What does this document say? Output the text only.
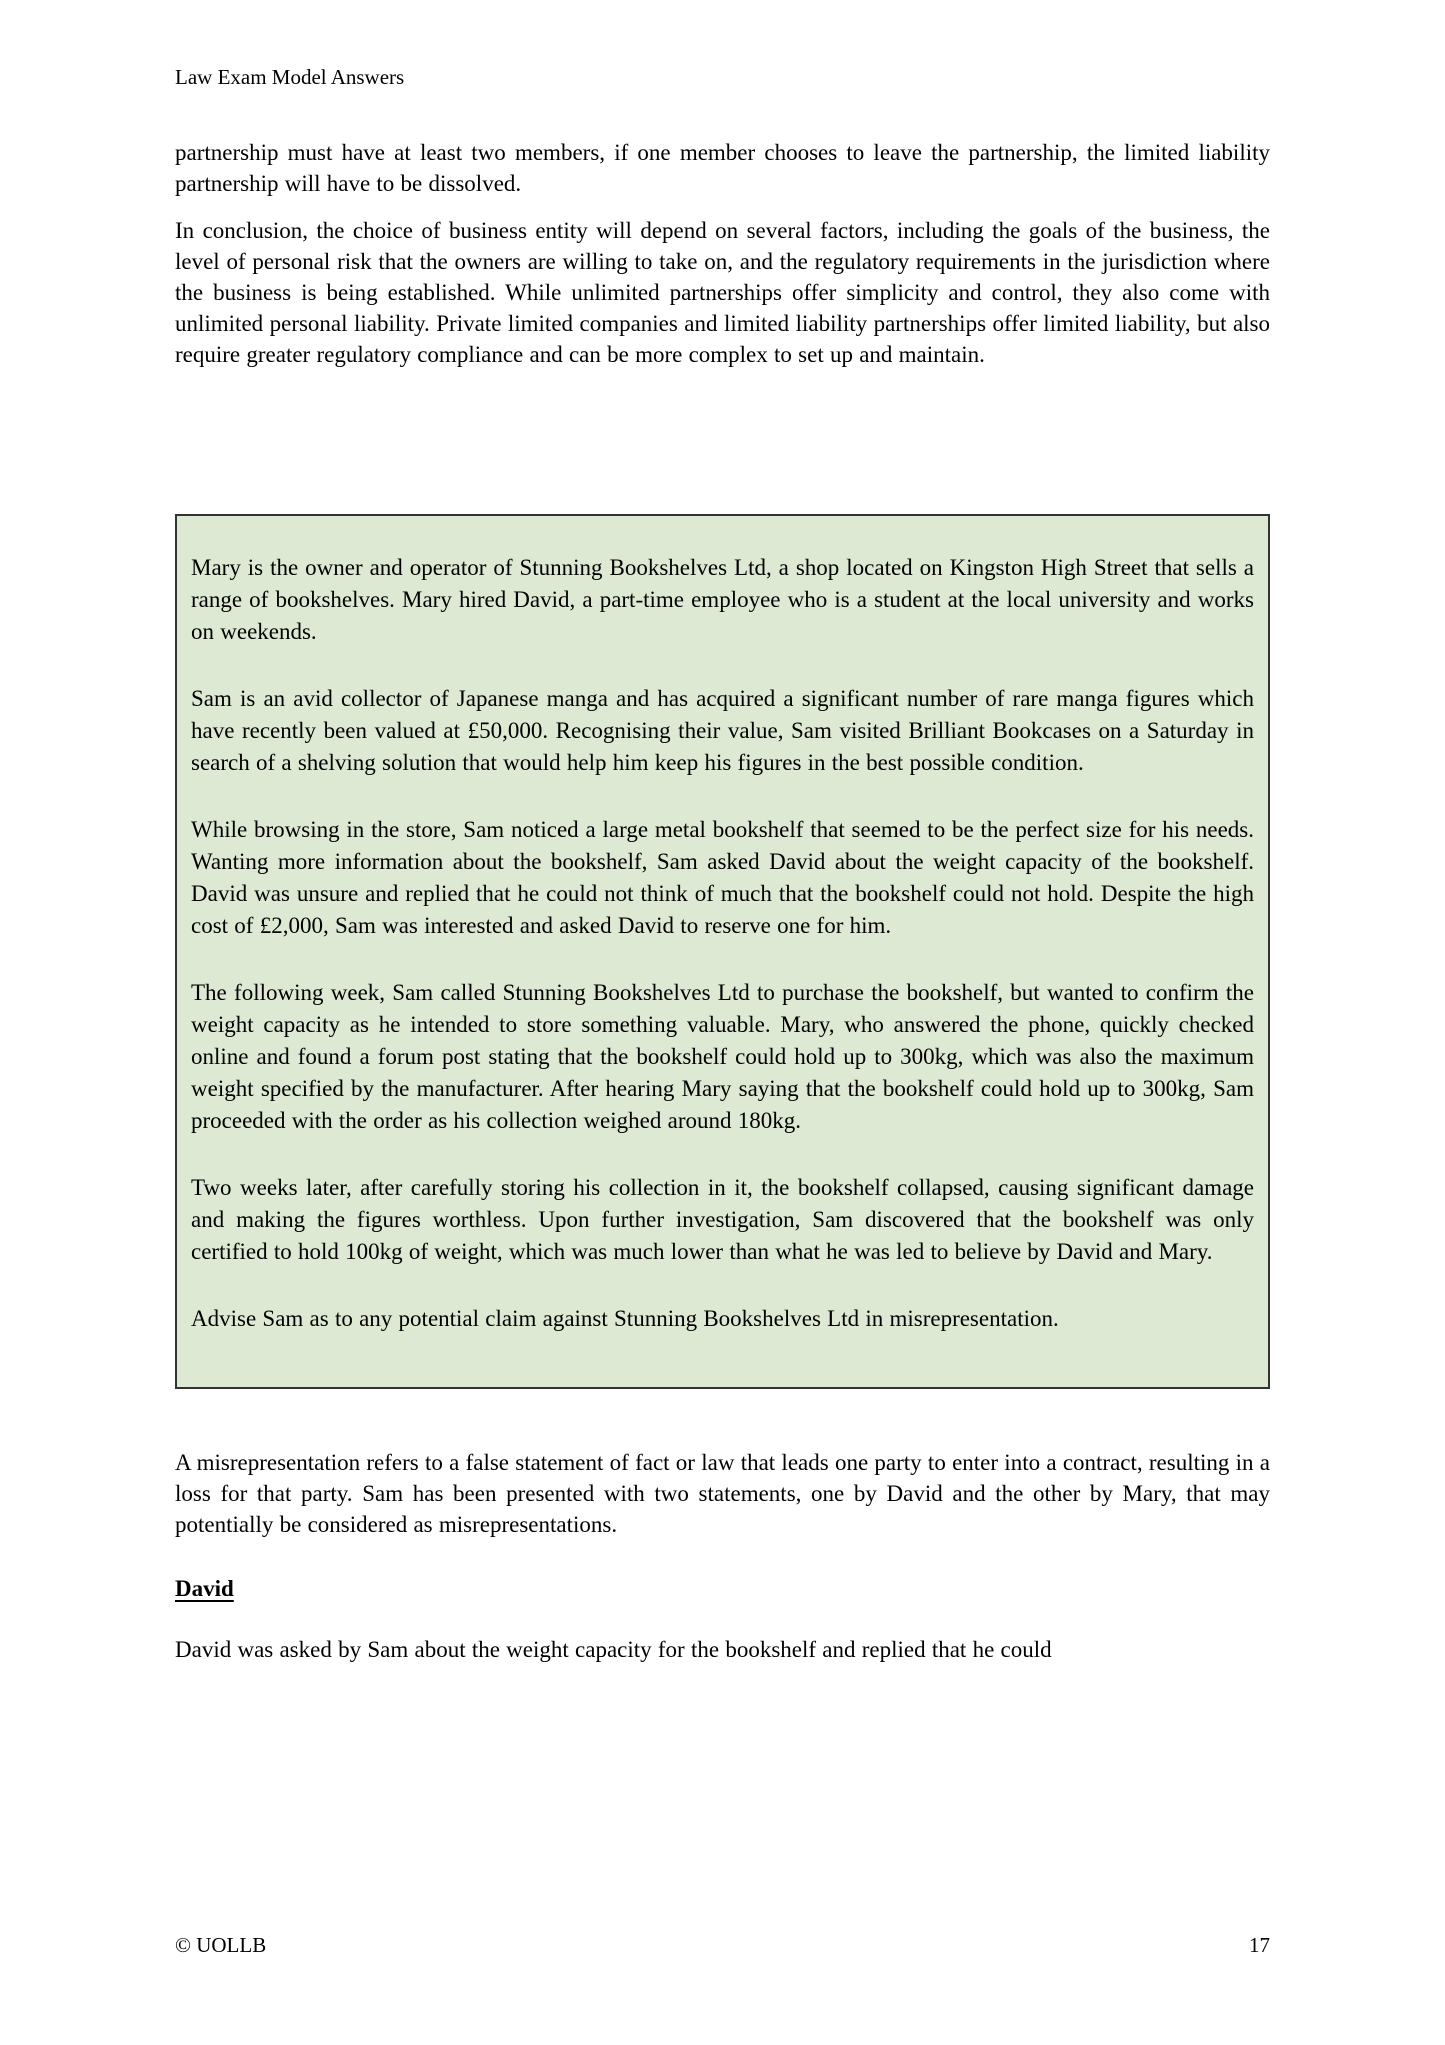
Law Exam Model Answers

partnership must have at least two members, if one member chooses to leave the partnership, the limited liability partnership will have to be dissolved.

In conclusion, the choice of business entity will depend on several factors, including the goals of the business, the level of personal risk that the owners are willing to take on, and the regulatory requirements in the jurisdiction where the business is being established. While unlimited partnerships offer simplicity and control, they also come with unlimited personal liability. Private limited companies and limited liability partnerships offer limited liability, but also require greater regulatory compliance and can be more complex to set up and maintain.

Mary is the owner and operator of Stunning Bookshelves Ltd, a shop located on Kingston High Street that sells a range of bookshelves. Mary hired David, a part-time employee who is a student at the local university and works on weekends.

Sam is an avid collector of Japanese manga and has acquired a significant number of rare manga figures which have recently been valued at £50,000. Recognising their value, Sam visited Brilliant Bookcases on a Saturday in search of a shelving solution that would help him keep his figures in the best possible condition.

While browsing in the store, Sam noticed a large metal bookshelf that seemed to be the perfect size for his needs. Wanting more information about the bookshelf, Sam asked David about the weight capacity of the bookshelf. David was unsure and replied that he could not think of much that the bookshelf could not hold. Despite the high cost of £2,000, Sam was interested and asked David to reserve one for him.

The following week, Sam called Stunning Bookshelves Ltd to purchase the bookshelf, but wanted to confirm the weight capacity as he intended to store something valuable. Mary, who answered the phone, quickly checked online and found a forum post stating that the bookshelf could hold up to 300kg, which was also the maximum weight specified by the manufacturer. After hearing Mary saying that the bookshelf could hold up to 300kg, Sam proceeded with the order as his collection weighed around 180kg.

Two weeks later, after carefully storing his collection in it, the bookshelf collapsed, causing significant damage and making the figures worthless. Upon further investigation, Sam discovered that the bookshelf was only certified to hold 100kg of weight, which was much lower than what he was led to believe by David and Mary.

Advise Sam as to any potential claim against Stunning Bookshelves Ltd in misrepresentation.

A misrepresentation refers to a false statement of fact or law that leads one party to enter into a contract, resulting in a loss for that party. Sam has been presented with two statements, one by David and the other by Mary, that may potentially be considered as misrepresentations.

David

David was asked by Sam about the weight capacity for the bookshelf and replied that he could

© UOLLB	17
